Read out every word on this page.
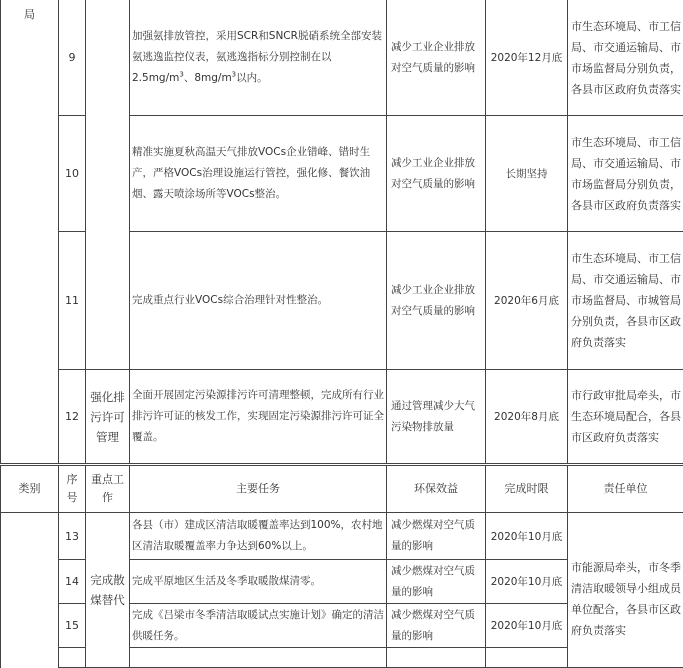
局	9		加强氨排放管控，采用SCR和SNCR脱硝系统全部安装氨逃逸监控仪表，氨逃逸指标分别控制在以$2.5mg/m^3$、$8mg/m^3$以内。	减少工业企业排放对空气质量的影响	2020年12月底	市生态环境局、市工信局、市交通运输局、市市场监督局分别负责，各县市区政府负责落实
	10		精准实施夏秋高温天气排放VOCs企业错峰、错时生产，严格VOCs治理设施运行管控，强化修、餐饮油烟、露天喷涂场所等VOCs整治。	减少工业企业排放对空气质量的影响	长期坚持	市生态环境局、市工信局、市交通运输局、市市场监督局分别负责，各县市区政府负责落实
	11		完成重点行业VOCs综合治理针对性整治。	减少工业企业排放对空气质量的影响	2020年6月底	市生态环境局、市工信局、市交通运输局、市市场监督局、市城管局分别负责，各县市区政府负责落实
	12	强化排污许可管理	全面开展固定污染源排污许可清理整顿，完成所有行业排污许可证的核发工作，实现固定污染源排污许可证全覆盖。	通过管理减少大气污染物排放量	2020年8月底	市行政审批局牵头，市生态环境局配合，各县市区政府负责落实
类别	序号	重点工作	主要任务	环保效益	完成时限	责任单位
	13	完成散煤替代	各县（市）建成区清洁取暖覆盖率达到100%，农村地区清洁取暖覆盖率力争达到60%以上。	减少燃煤对空气质量的影响	2020年10月底	市能源局牵头，市冬季清洁取暖领导小组成员单位配合，各县市区政府负责落实
	14		完成平原地区生活及冬季取暖散煤清零。	减少燃煤对空气质量的影响	2020年10月底	
	15		完成《吕梁市冬季清洁取暖试点实施计划》确定的清洁供暖任务。	减少燃煤对空气质量的影响	2020年10月底	
